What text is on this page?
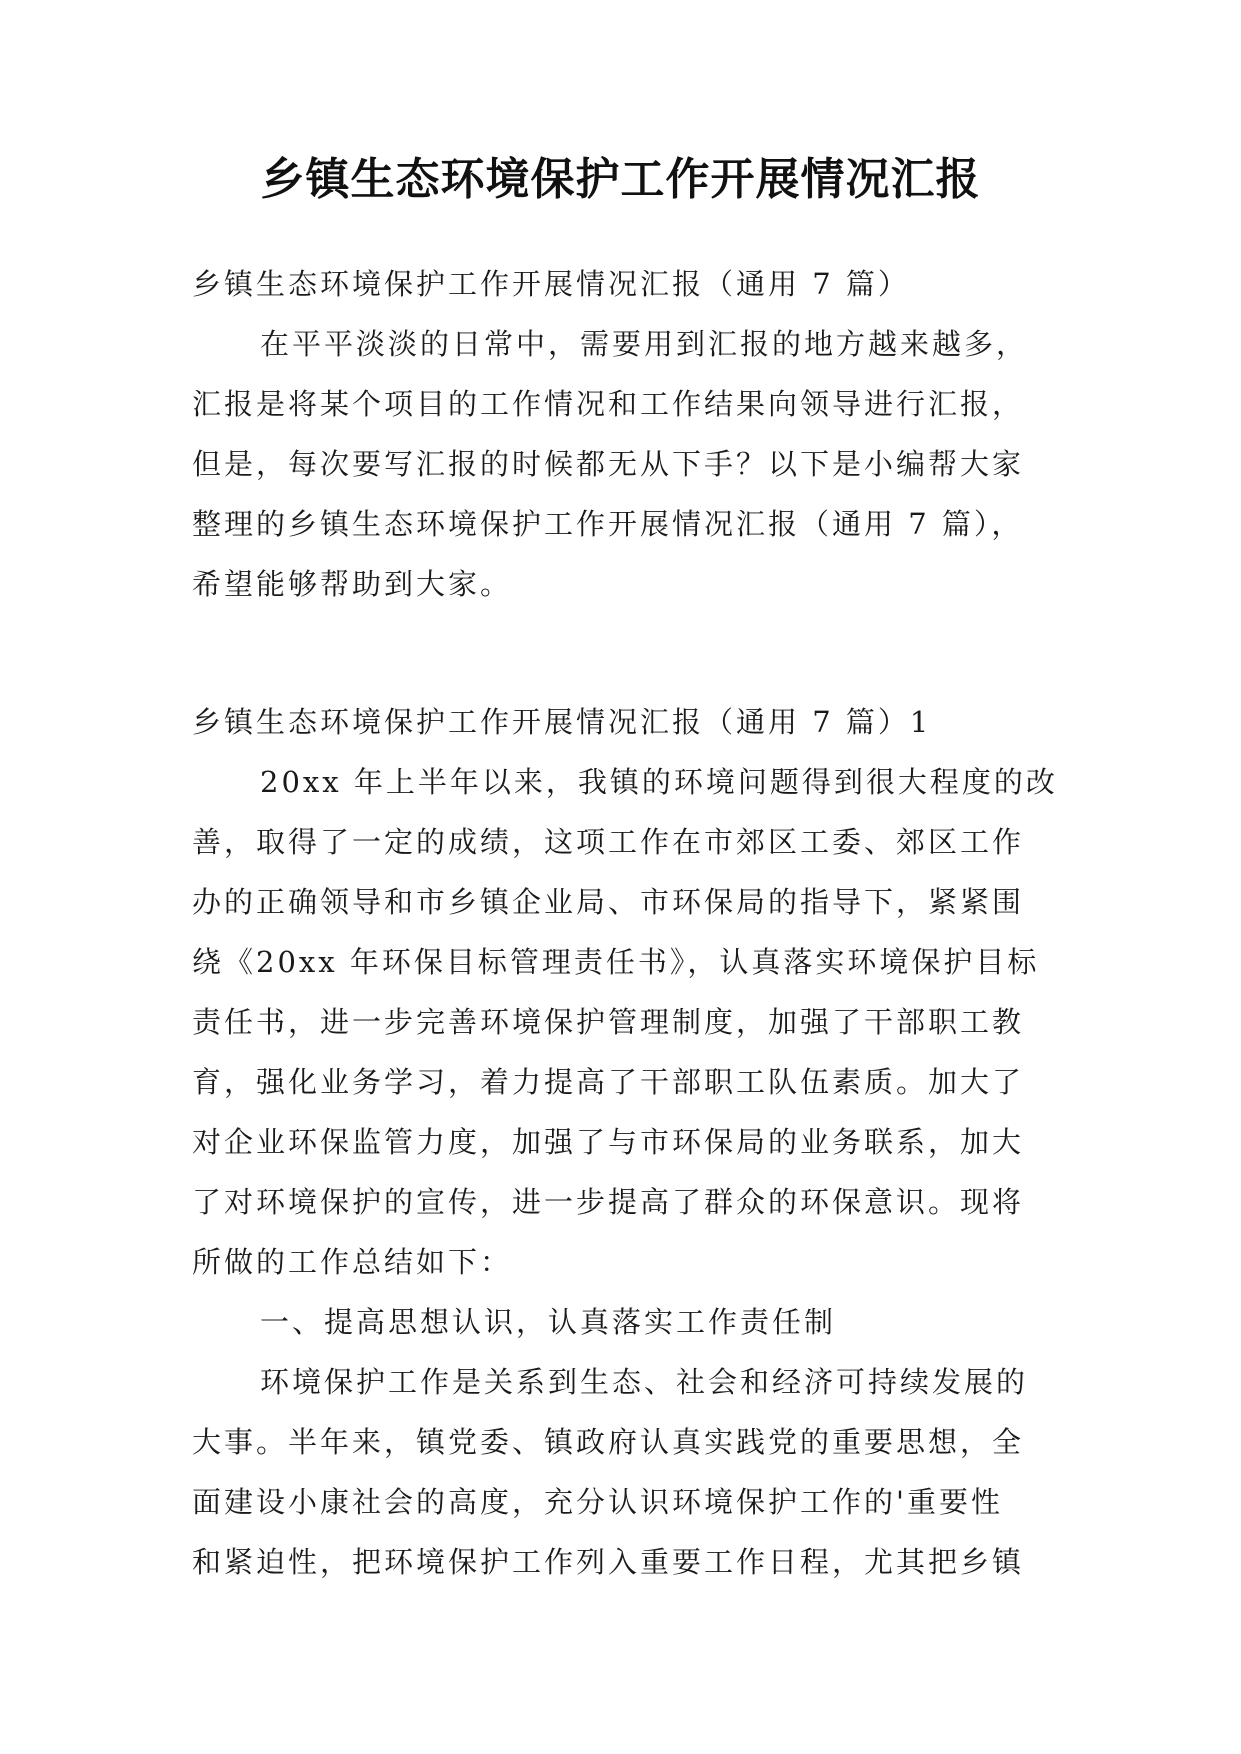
乡镇生态环境保护工作开展情况汇报
乡镇生态环境保护工作开展情况汇报（通用 7 篇）
在平平淡淡的日常中，需要用到汇报的地方越来越多，
汇报是将某个项目的工作情况和工作结果向领导进行汇报，
但是，每次要写汇报的时候都无从下手？以下是小编帮大家
整理的乡镇生态环境保护工作开展情况汇报（通用 7 篇），
希望能够帮助到大家。
乡镇生态环境保护工作开展情况汇报（通用 7 篇）1
20xx 年上半年以来，我镇的环境问题得到很大程度的改
善，取得了一定的成绩，这项工作在市郊区工委、郊区工作
办的正确领导和市乡镇企业局、市环保局的指导下，紧紧围
绕《20xx 年环保目标管理责任书》，认真落实环境保护目标
责任书，进一步完善环境保护管理制度，加强了干部职工教
育，强化业务学习，着力提高了干部职工队伍素质。加大了
对企业环保监管力度，加强了与市环保局的业务联系，加大
了对环境保护的宣传，进一步提高了群众的环保意识。现将
所做的工作总结如下：
一、提高思想认识，认真落实工作责任制
环境保护工作是关系到生态、社会和经济可持续发展的
大事。半年来，镇党委、镇政府认真实践党的重要思想，全
面建设小康社会的高度，充分认识环境保护工作的'重要性
和紧迫性，把环境保护工作列入重要工作日程，尤其把乡镇
